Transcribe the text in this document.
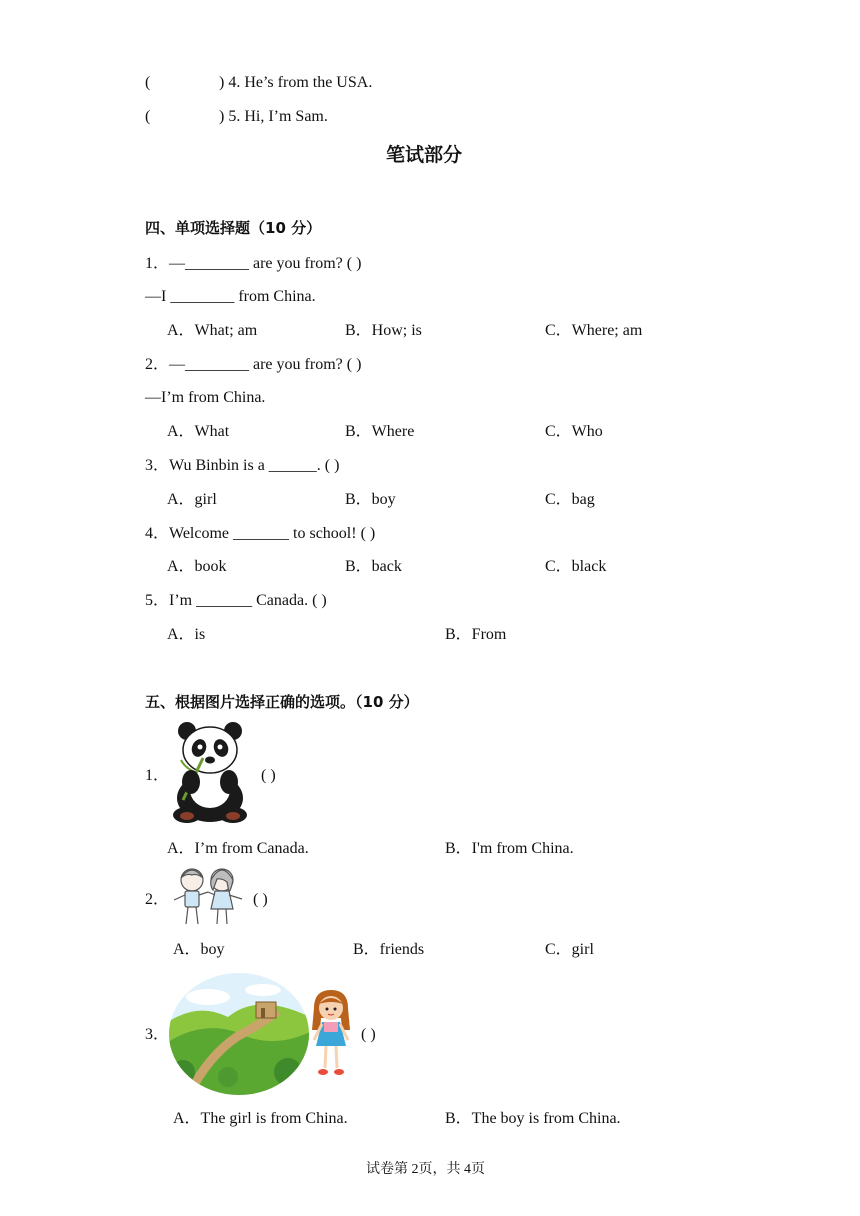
(	) 4. He’s from the USA.
(	) 5. Hi, I’m Sam.
笔试部分
四、单项选择题（10 分）
1．—________ are you from? ( )
—I ________ from China.
A．What; am	B．How; is	C．Where; am
2．—________ are you from? ( )
—I’m from China.
A．What	B．Where	C．Who
3．Wu Binbin is a ______. ( )
A．girl	B．boy	C．bag
4．Welcome _______ to school! ( )
A．book	B．back	C．black
5．I’m _______ Canada. ( )
A．is	B．From
五、根据图片选择正确的选项。（10 分）
1．	( )
A．I’m from Canada.	B．I'm from China.
2．	( )
A．boy	B．friends	C．girl
3．	( )
A．The girl is from China.	B．The boy is from China.
试卷第 2页，共 4页
